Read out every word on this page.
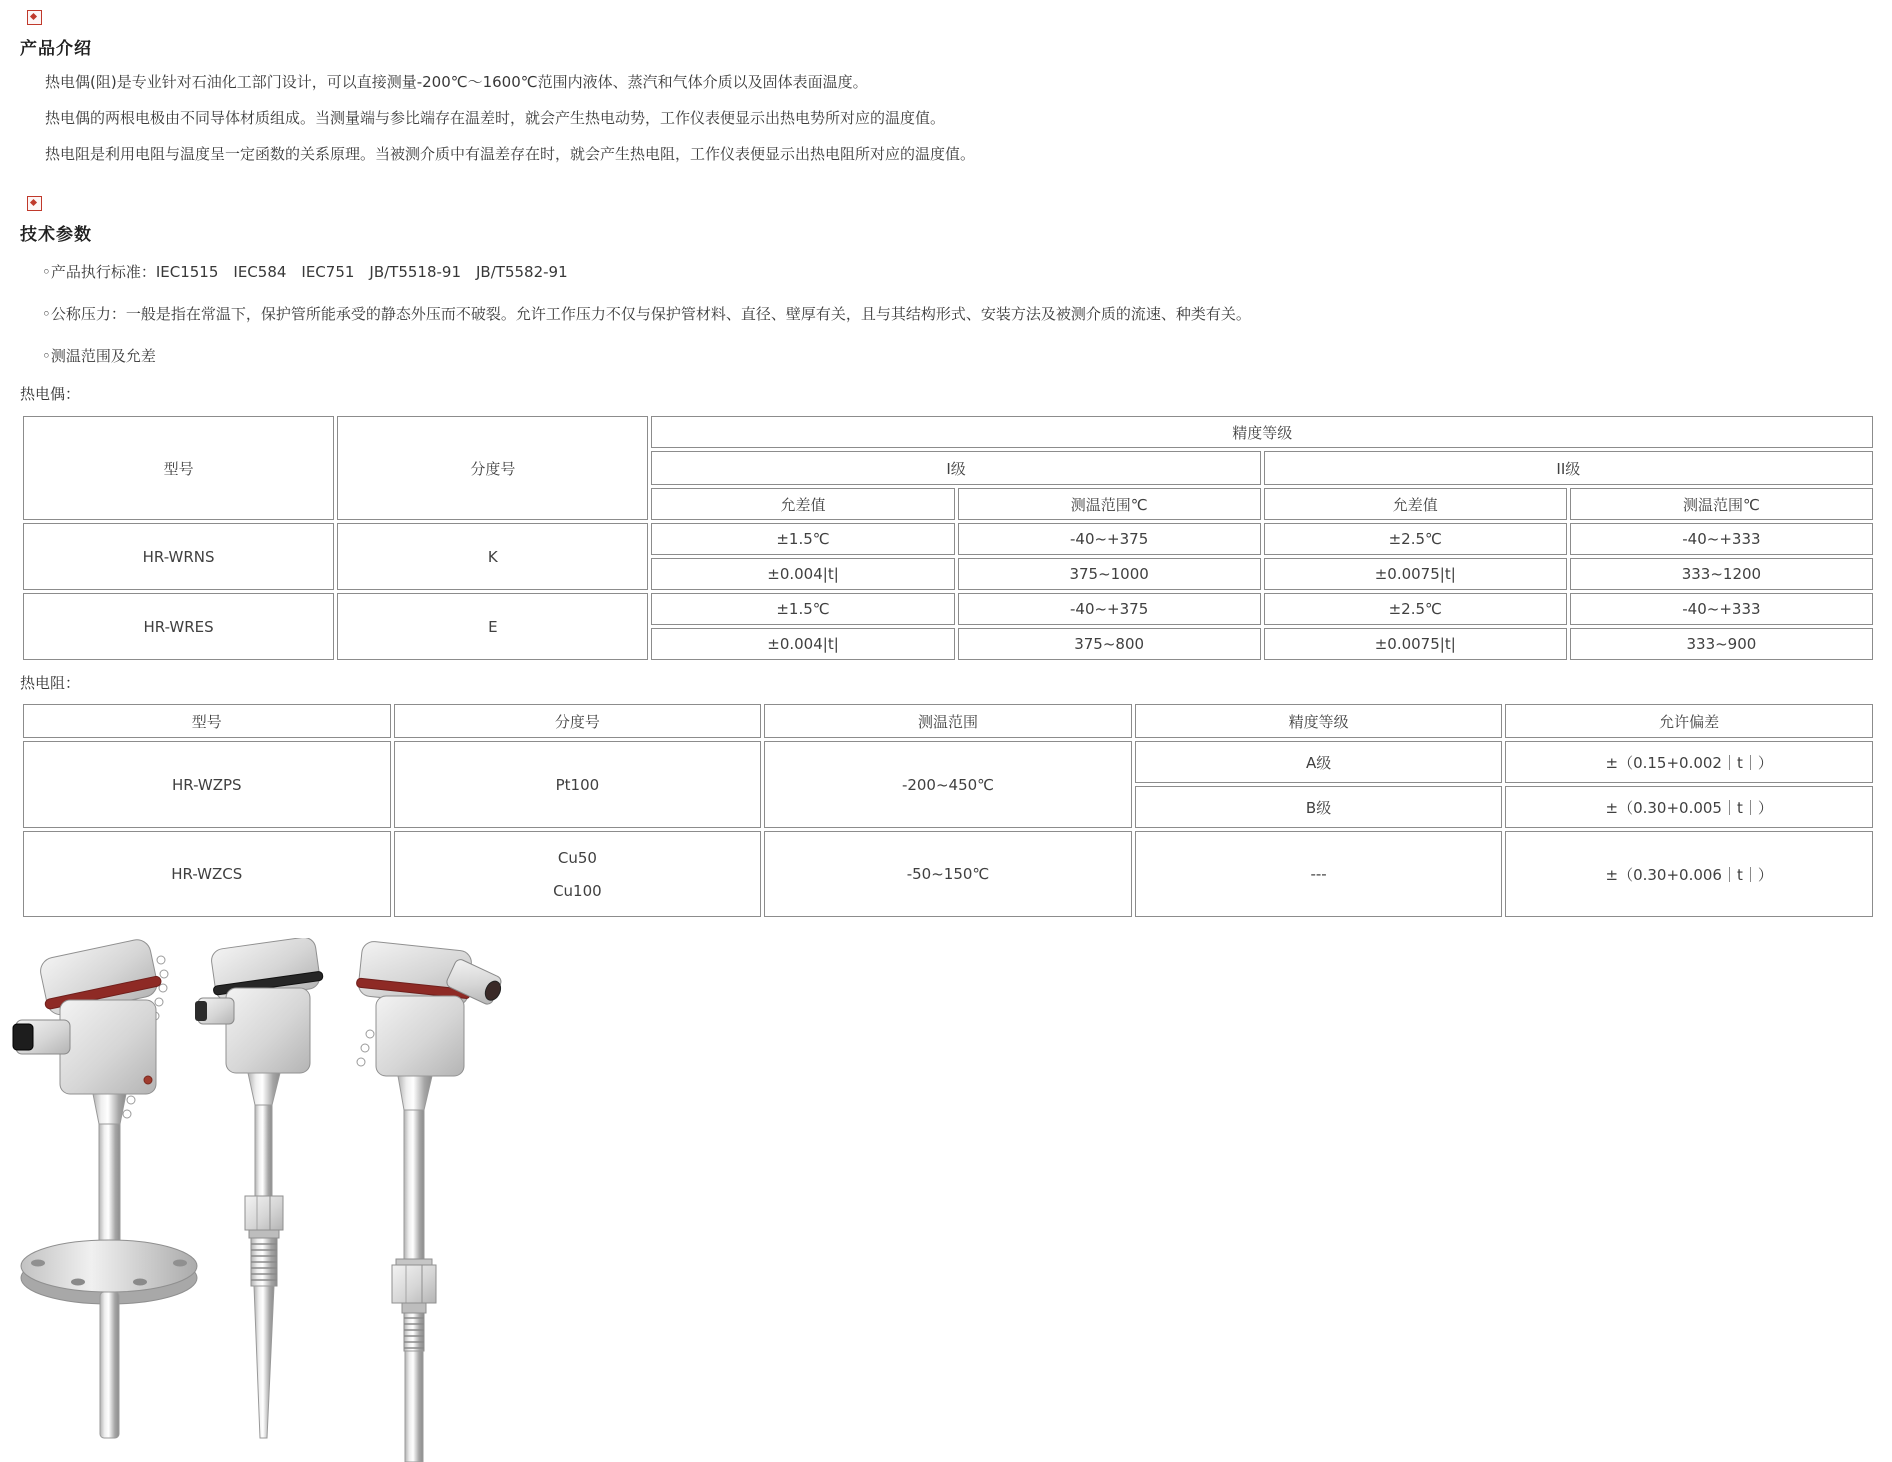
产品介绍

热电偶(阻)是专业针对石油化工部门设计，可以直接测量-200℃～1600℃范围内液体、蒸汽和气体介质以及固体表面温度。

热电偶的两根电极由不同导体材质组成。当测量端与参比端存在温差时，就会产生热电动势，工作仪表便显示出热电势所对应的温度值。

热电阻是利用电阻与温度呈一定函数的关系原理。当被测介质中有温差存在时，就会产生热电阻，工作仪表便显示出热电阻所对应的温度值。

技术参数
◦产品执行标准：IEC1515　IEC584　IEC751　JB/T5518-91　JB/T5582-91
◦公称压力：一般是指在常温下，保护管所能承受的静态外压而不破裂。允许工作压力不仅与保护管材料、直径、壁厚有关，且与其结构形式、安装方法及被测介质的流速、种类有关。
◦测温范围及允差
热电偶：
型号	分度号	精度等级			
		I级		II级	
		允差值	测温范围℃	允差值	测温范围℃
HR-WRNS	K	±1.5℃	-40~+375	±2.5℃	-40~+333
		±0.004|t|	375~1000	±0.0075|t|	333~1200
HR-WRES	E	±1.5℃	-40~+375	±2.5℃	-40~+333
		±0.004|t|	375~800	±0.0075|t|	333~900
热电阻：
型号	分度号	测温范围	精度等级	允许偏差
HR-WZPS	Pt100	-200~450℃	A级	±（0.15+0.002｜t｜）
			B级	±（0.30+0.005｜t｜）
HR-WZCS	Cu50
Cu100	-50~150℃	---	±（0.30+0.006｜t｜）
